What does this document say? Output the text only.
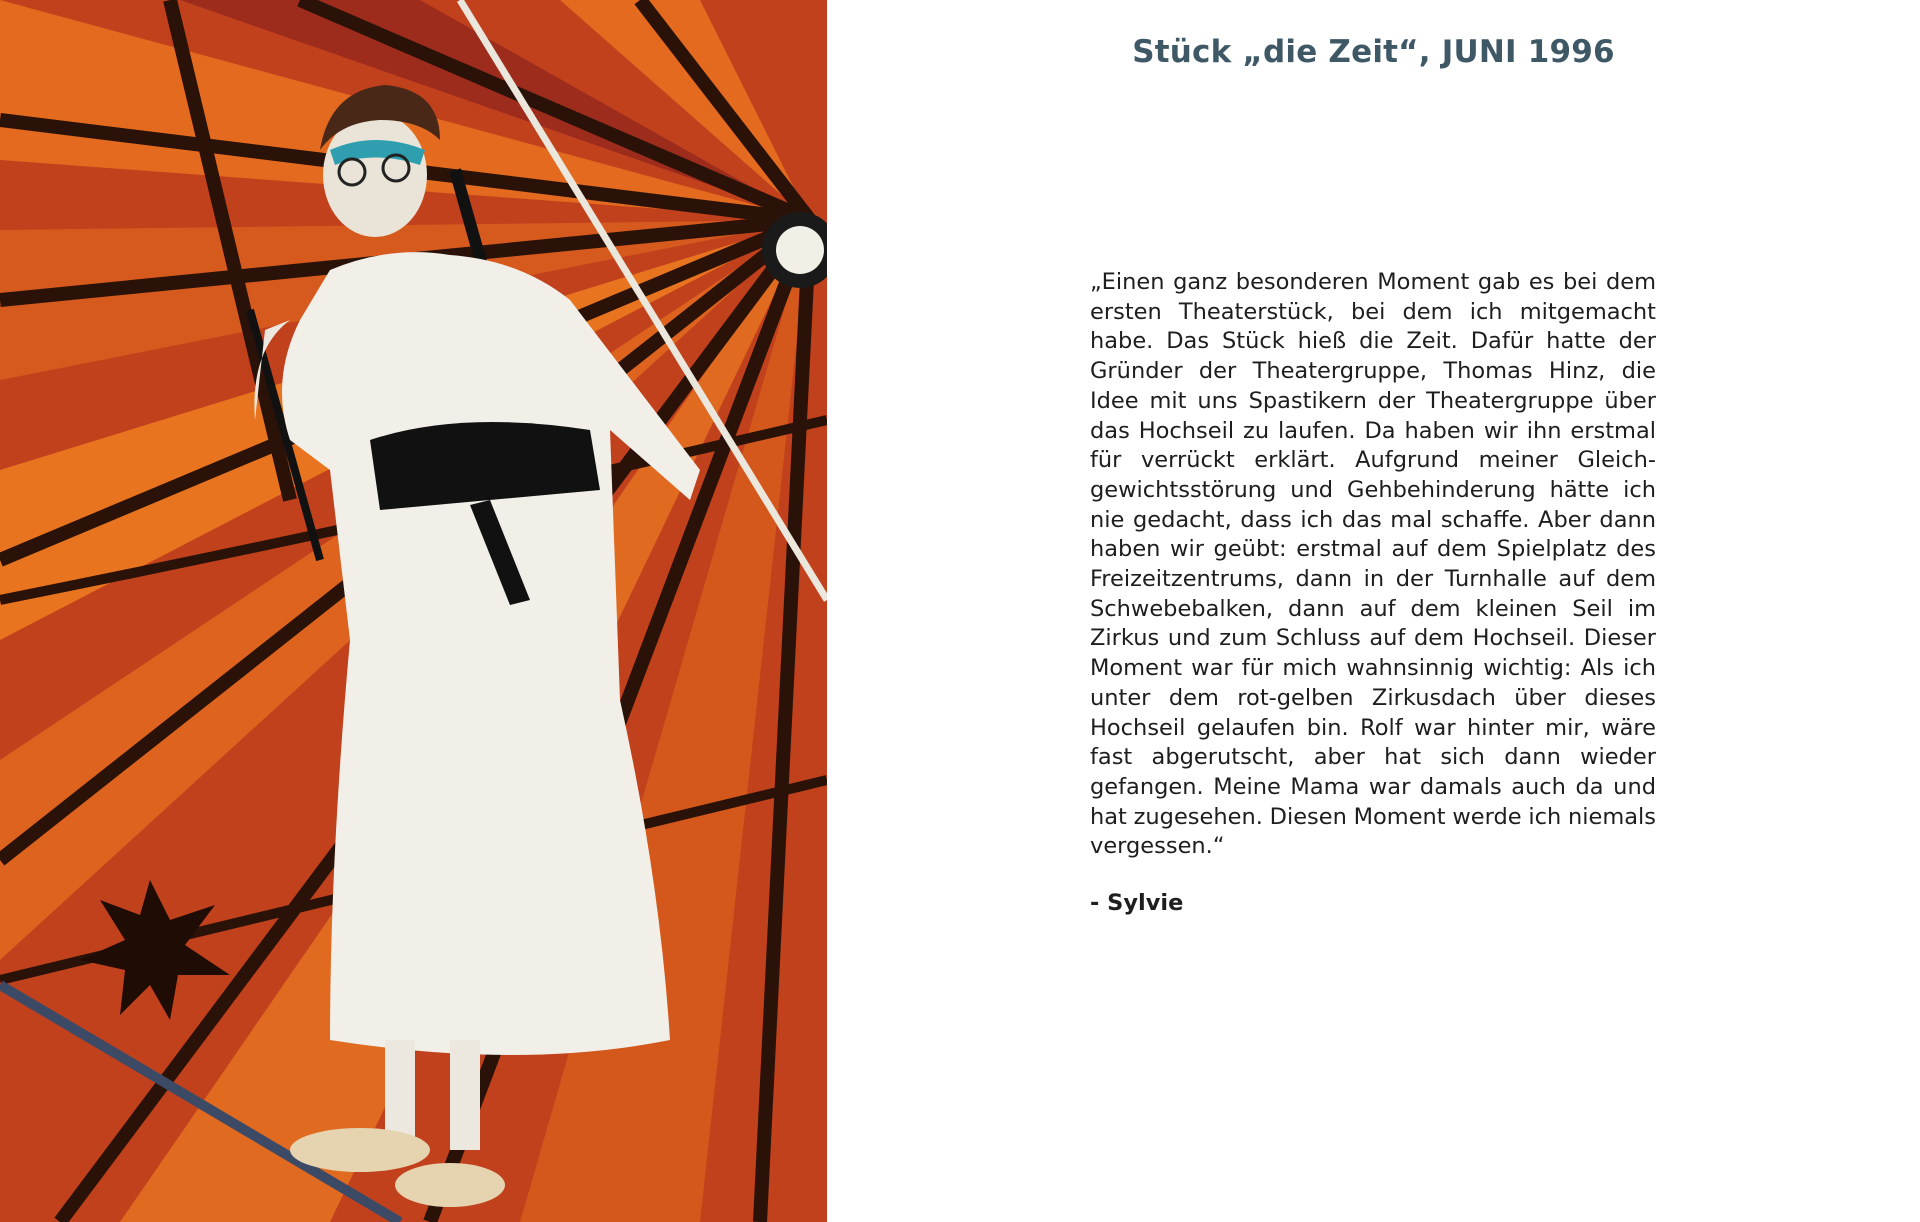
Stück „die Zeit“, JUNI 1996

„Einen ganz besonderen Moment gab es bei dem ersten Theaterstück, bei dem ich mitgemacht habe. Das Stück hieß die Zeit. Dafür hatte der Gründer der Theatergruppe, Thomas Hinz, die Idee mit uns Spastikern der Theatergruppe über das Hochseil zu laufen. Da haben wir ihn erstmal für verrückt erklärt. Aufgrund meiner Gleichgewichtsstörung und Gehbehinderung hätte ich nie gedacht, dass ich das mal schaffe. Aber dann haben wir geübt: erstmal auf dem Spielplatz des Freizeitzentrums, dann in der Turnhalle auf dem Schwebebalken, dann auf dem kleinen Seil im Zirkus und zum Schluss auf dem Hochseil. Dieser Moment war für mich wahnsinnig wichtig: Als ich unter dem rot-gelben Zirkusdach über dieses Hochseil gelaufen bin. Rolf war hinter mir, wäre fast abgerutscht, aber hat sich dann wieder gefangen. Meine Mama war damals auch da und hat zugesehen. Diesen Moment werde ich niemals vergessen.“

- Sylvie
